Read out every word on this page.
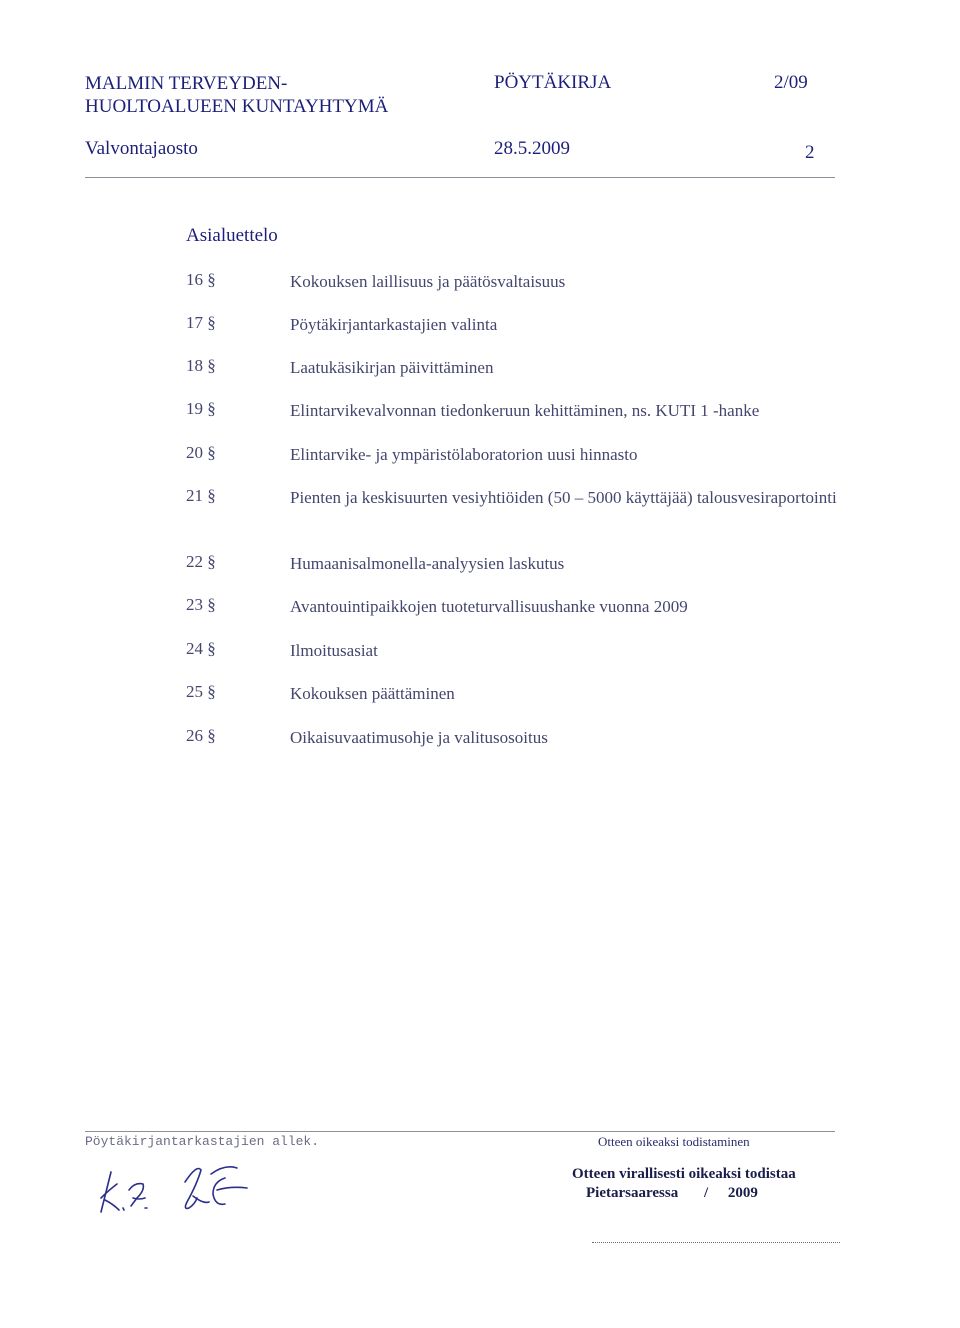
MALMIN TERVEYDEN-
HUOLTOALUEEN KUNTAYHTYMÄ
PÖYTÄKIRJA	2/09
Valvontajaosto	28.5.2009	2
Asialuettelo
16 §	Kokouksen laillisuus ja päätösvaltaisuus
17 §	Pöytäkirjantarkastajien valinta
18 §	Laatukäsikirjan päivittäminen
19 §	Elintarvikevalvonnan tiedonkeruun kehittäminen, ns. KUTI 1 -hanke
20 §	Elintarvike- ja ympäristölaboratorion uusi hinnasto
21 §	Pienten ja keskisuurten vesiyhtiöiden (50 – 5000 käyttäjää) talousvesiraportointi
22 §	Humaanisalmonella-analyysien laskutus
23 §	Avantouintipaikkojen tuoteturvallisuushanke vuonna 2009
24 §	Ilmoitusasiat
25 §	Kokouksen päättäminen
26 §	Oikaisuvaatimusohje ja valitusosoitus
Pöytäkirjantarkastajien allek.	Otteen oikeaksi todistaminen
Otteen virallisesti oikeaksi todistaa
Pietarsaaressa / 2009
